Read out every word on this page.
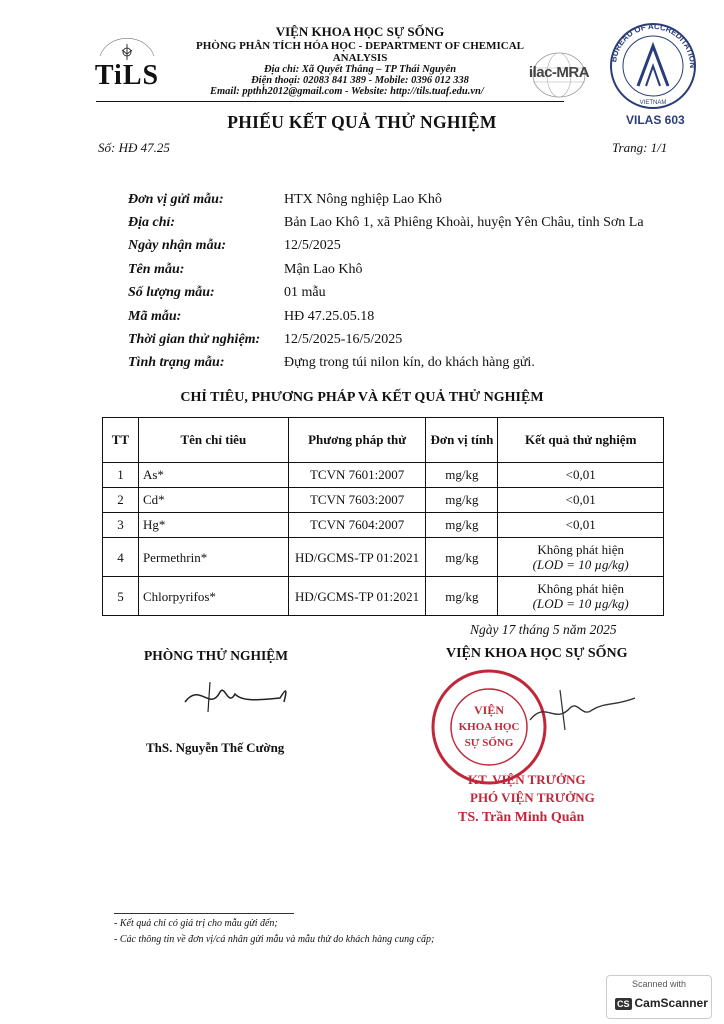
TiLS
VIỆN KHOA HỌC SỰ SỐNG
PHÒNG PHÂN TÍCH HÓA HỌC - DEPARTMENT OF CHEMICAL ANALYSIS
Địa chỉ: Xã Quyết Thắng – TP Thái Nguyên
Điện thoại: 02083 841 389 - Mobile: 0396 012 338
Email: ppthh2012@gmail.com - Website: http://tils.tuaf.edu.vn/
ilac-MRA
BUREAU OF ACCREDITATION
VIETNAM
VILAS 603
PHIẾU KẾT QUẢ THỬ NGHIỆM
Số: HĐ 47.25	Trang: 1/1
Đơn vị gửi mẫu:	HTX Nông nghiệp Lao Khô
Địa chỉ:	Bản Lao Khô 1, xã Phiêng Khoài, huyện Yên Châu, tỉnh Sơn La
Ngày nhận mẫu:	12/5/2025
Tên mẫu:	Mận Lao Khô
Số lượng mẫu:	01 mẫu
Mã mẫu:	HĐ 47.25.05.18
Thời gian thử nghiệm:	12/5/2025-16/5/2025
Tình trạng mẫu:	Đựng trong túi nilon kín, do khách hàng gửi.
CHỈ TIÊU, PHƯƠNG PHÁP VÀ KẾT QUẢ THỬ NGHIỆM
TT	Tên chỉ tiêu	Phương pháp thử	Đơn vị tính	Kết quả thử nghiệm
1	As*	TCVN 7601:2007	mg/kg	<0,01
2	Cd*	TCVN 7603:2007	mg/kg	<0,01
3	Hg*	TCVN 7604:2007	mg/kg	<0,01
4	Permethrin*	HD/GCMS-TP 01:2021	mg/kg	Không phát hiện
(LOD = 10 µg/kg)

5	Chlorpyrifos*	HD/GCMS-TP 01:2021	mg/kg	Không phát hiện
(LOD = 10 µg/kg)
Ngày 17 tháng 5 năm 2025
PHÒNG THỬ NGHIỆM	VIỆN KHOA HỌC SỰ SỐNG
ThS. Nguyễn Thế Cường
VIỆN
KHOA HỌC
SỰ SỐNG
KT. VIỆN TRƯỞNG
PHÓ VIỆN TRƯỞNG
TS. Trần Minh Quân
- Kết quả chỉ có giá trị cho mẫu gửi đến;
- Các thông tin về đơn vị/cá nhân gửi mẫu và mẫu thử do khách hàng cung cấp;
Scanned with
CS CamScanner
